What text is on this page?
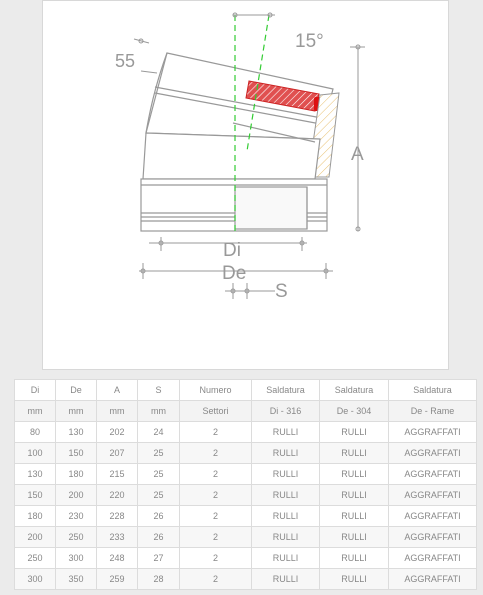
15°
55
A
Di
De
S
Di	De	A	S	Numero	Saldatura	Saldatura	Saldatura
mm	mm	mm	mm	Settori	Di - 316	De - 304	De - Rame
80	130	202	24	2	RULLI	RULLI	AGGRAFFATI
100	150	207	25	2	RULLI	RULLI	AGGRAFFATI
130	180	215	25	2	RULLI	RULLI	AGGRAFFATI
150	200	220	25	2	RULLI	RULLI	AGGRAFFATI
180	230	228	26	2	RULLI	RULLI	AGGRAFFATI
200	250	233	26	2	RULLI	RULLI	AGGRAFFATI
250	300	248	27	2	RULLI	RULLI	AGGRAFFATI
300	350	259	28	2	RULLI	RULLI	AGGRAFFATI
